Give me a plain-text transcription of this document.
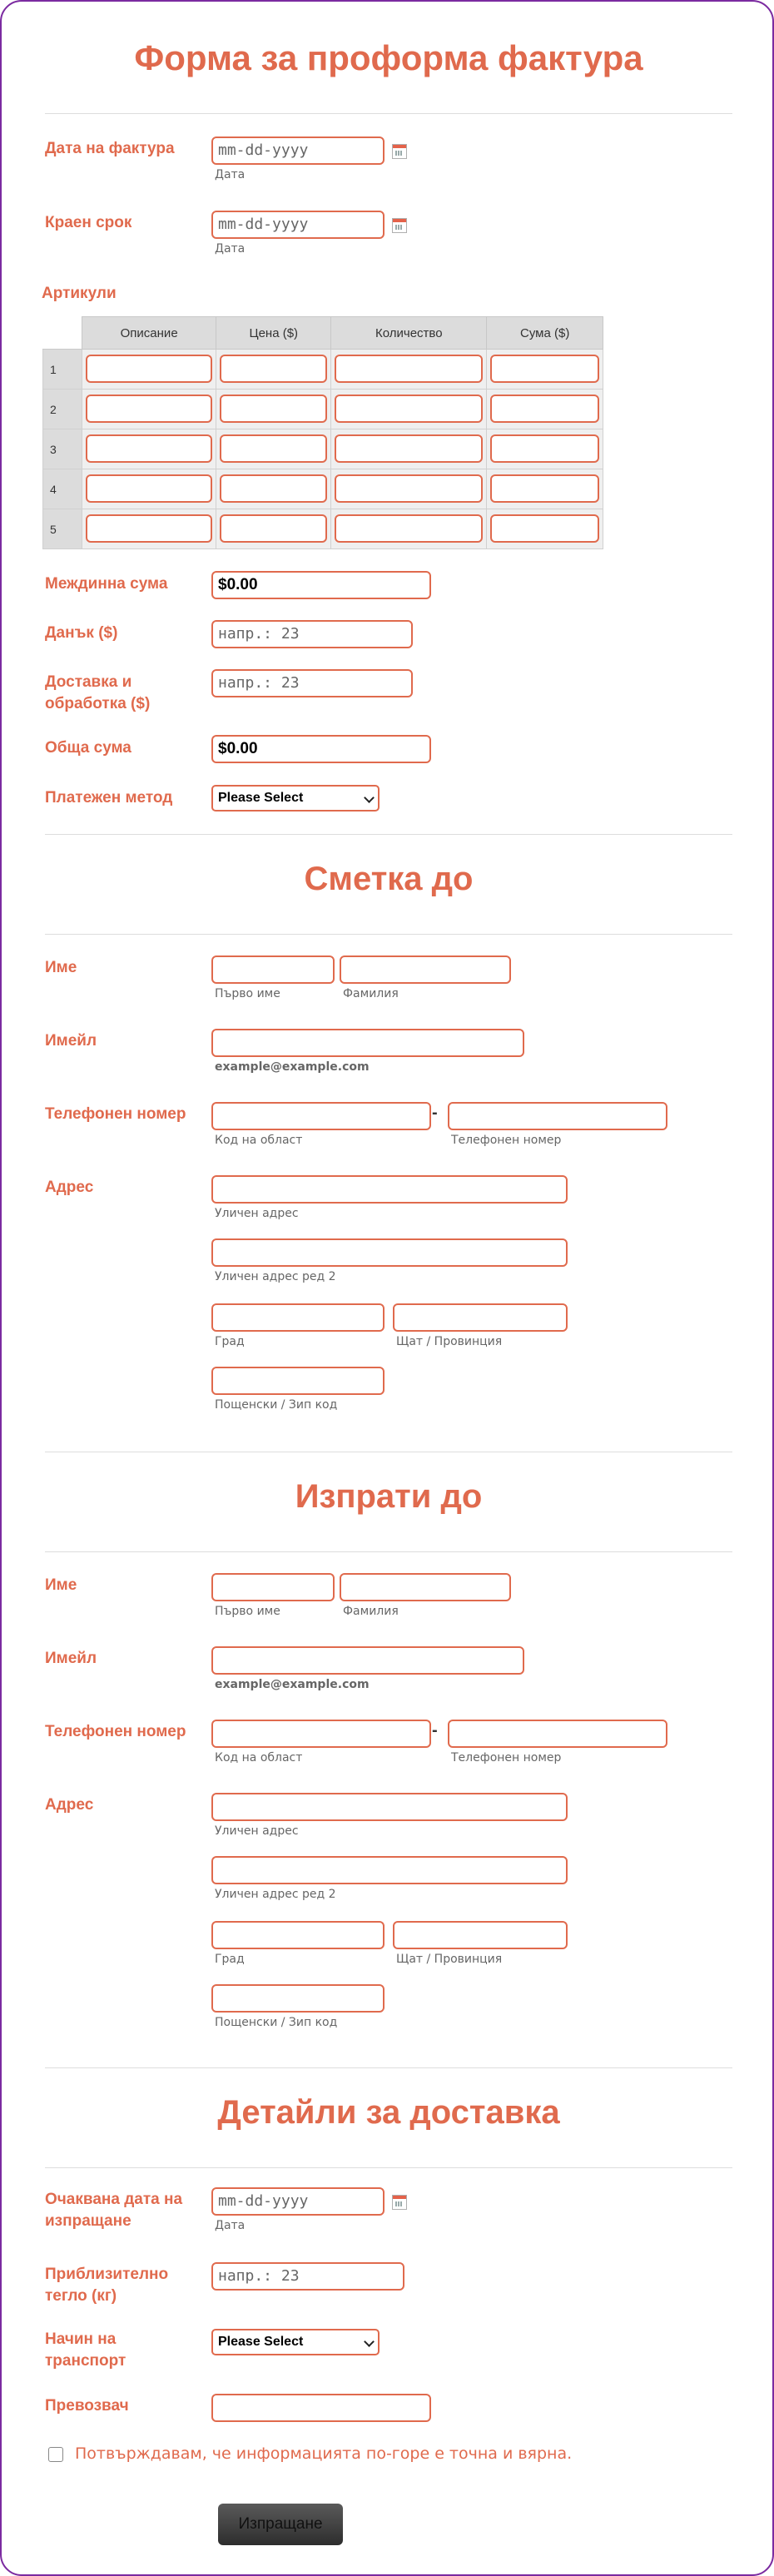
Форма за проформа фактура
Дата на фактура	mm-dd-yyyy
Дата
Краен срок	mm-dd-yyyy
Дата
Артикули
	Описание	Цена ($)	Количество	Сума ($)
1	

2	

3	

4	

5	

Междинна сума	$0.00
Данък ($)	напр.: 23
Доставка и
обработка ($)
напр.: 23
Обща сума	$0.00
Платежен метод	Please Select
Сметка до
Име
Първо име	Фамилия
Имейл
example@example.com
Телефонен номер	-
Код на област	Телефонен номер
Адрес
Уличен адрес
Уличен адрес ред 2
Град	Щат / Провинция
Пощенски / Зип код
Изпрати до
Име
Първо име	Фамилия
Имейл
example@example.com
Телефонен номер	-
Код на област	Телефонен номер
Адрес
Уличен адрес
Уличен адрес ред 2
Град	Щат / Провинция
Пощенски / Зип код
Детайли за доставка
Очаквана дата на
изпращане
mm-dd-yyyy
Дата
Приблизително
тегло (кг)
напр.: 23
Начин на
транспорт
Please Select
Превозвач
Потвърждавам, че информацията по-горе е точна и вярна.
Изпращане
